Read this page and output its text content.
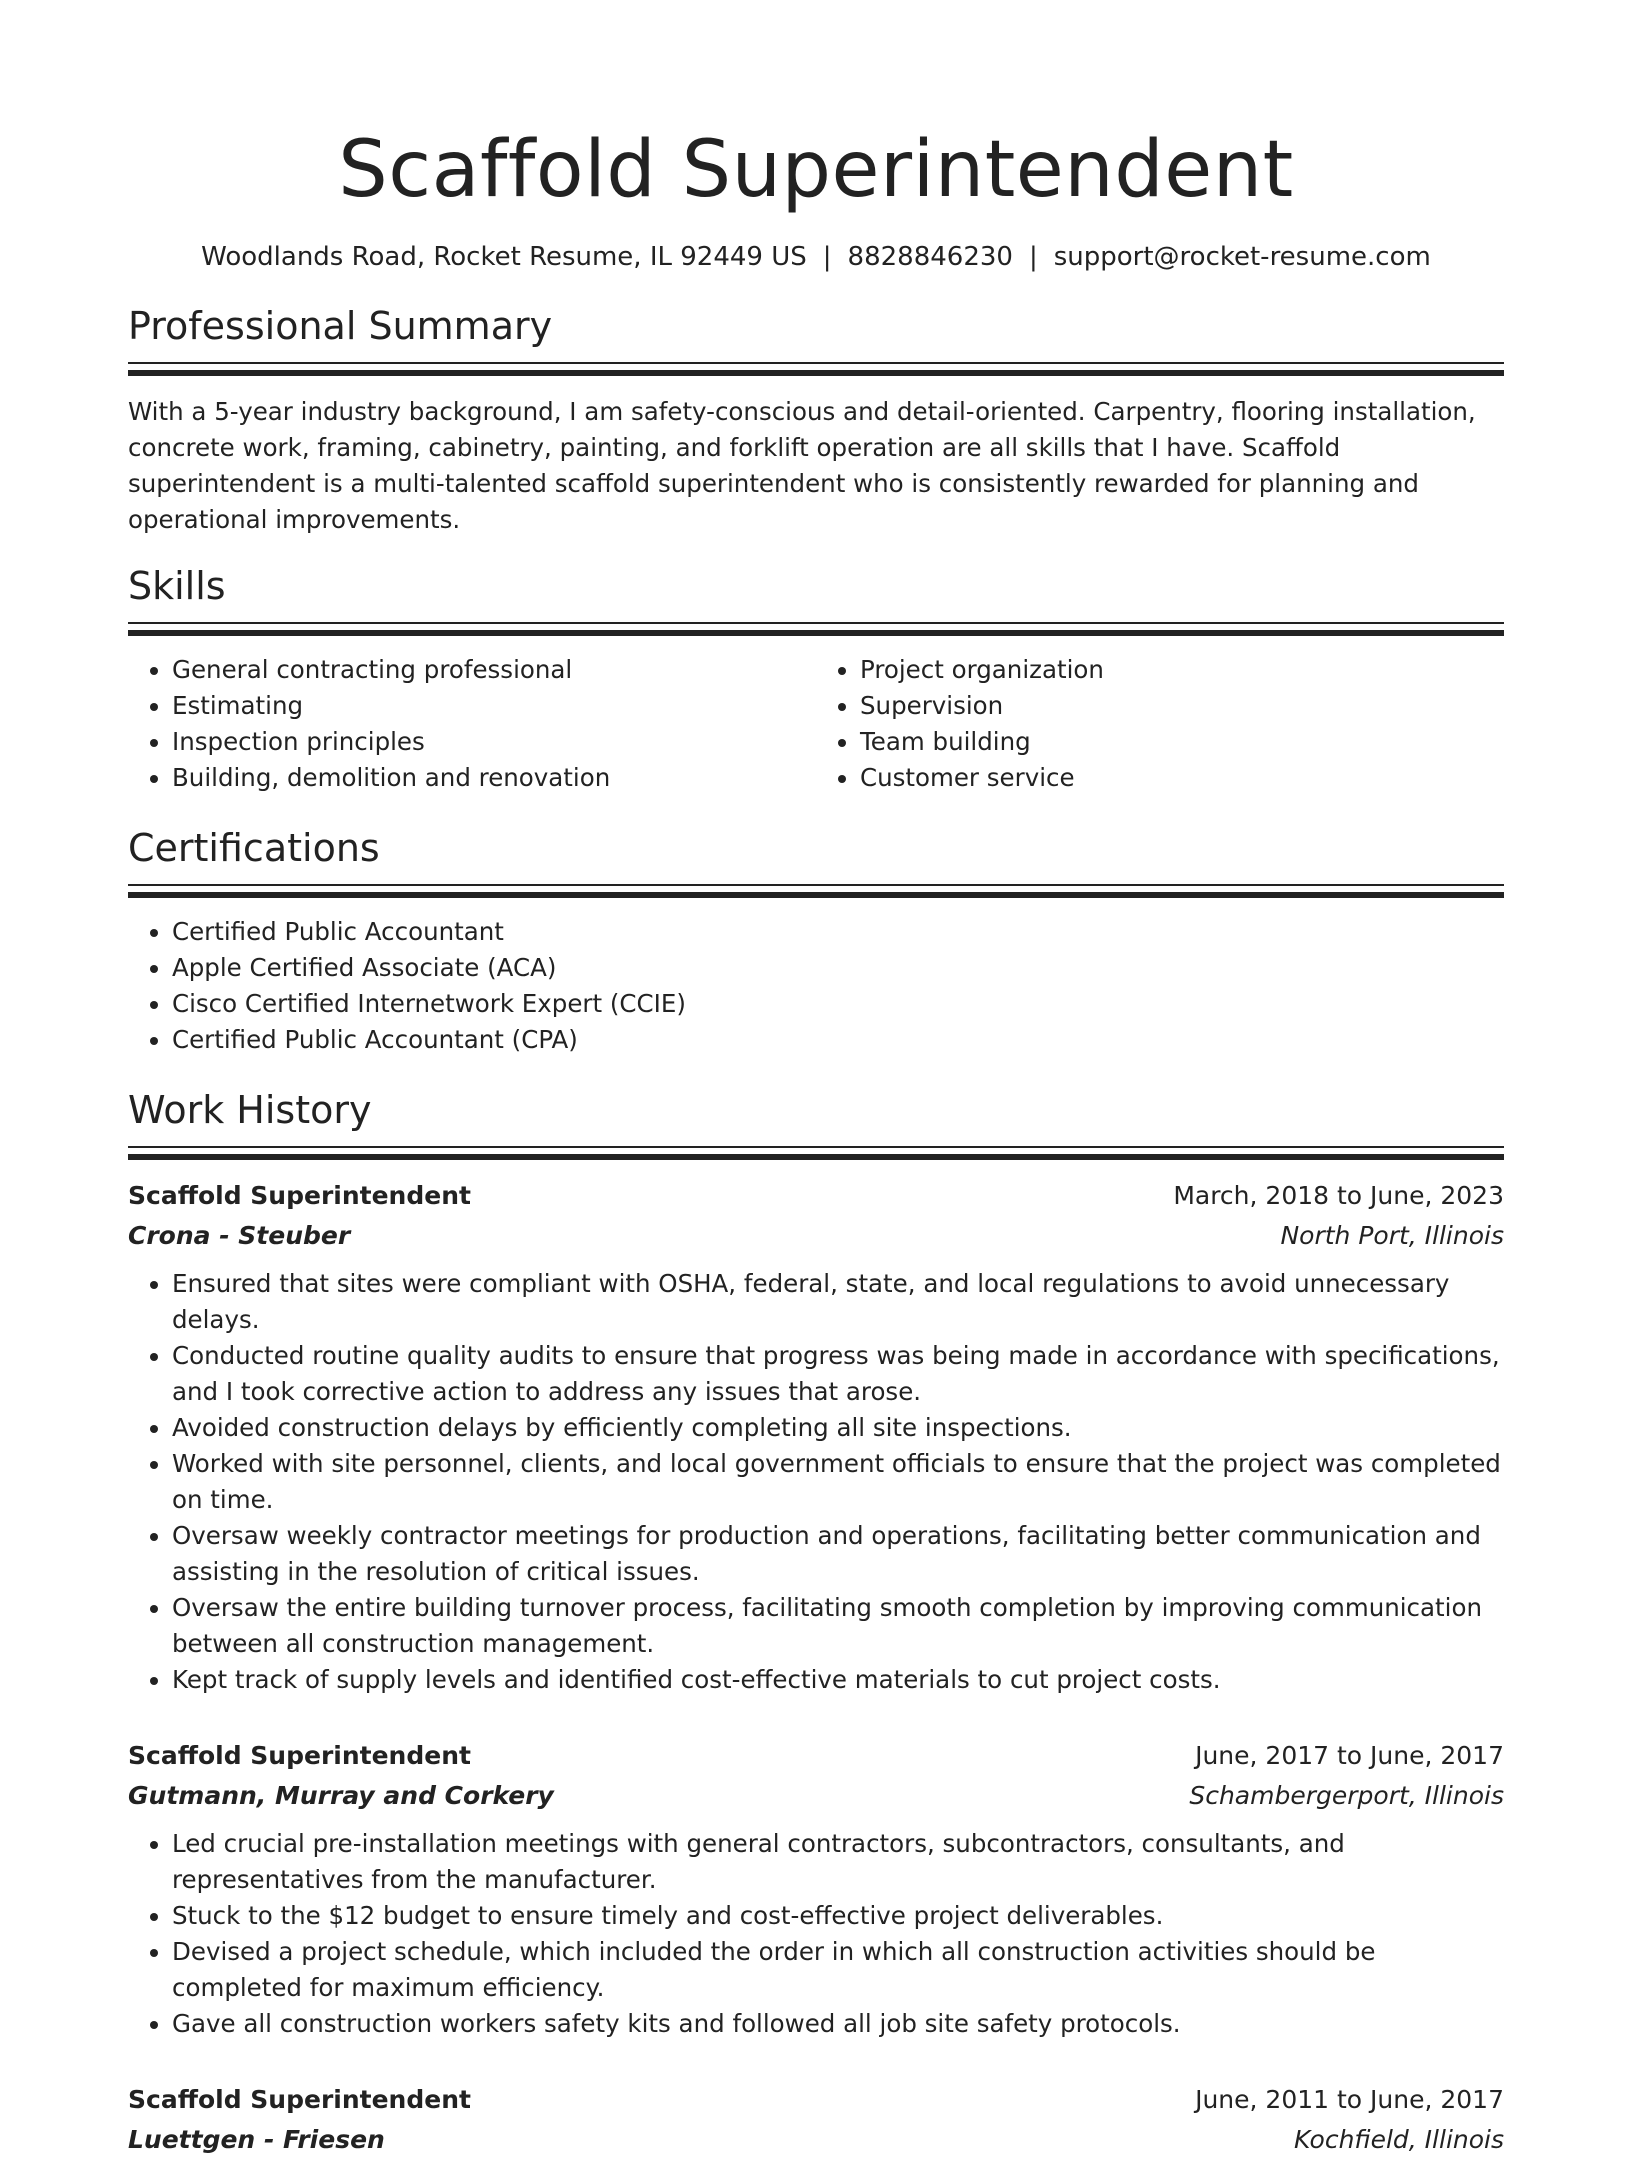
Scaffold Superintendent
Woodlands Road, Rocket Resume, IL 92449 US | 8828846230 | support@rocket-resume.com
Professional Summary
With a 5-year industry background, I am safety-conscious and detail-oriented. Carpentry, flooring installation, concrete work, framing, cabinetry, painting, and forklift operation are all skills that I have. Scaffold superintendent is a multi-talented scaffold superintendent who is consistently rewarded for planning and operational improvements.
Skills
• General contracting professional
• Estimating
• Inspection principles
• Building, demolition and renovation
• Project organization
• Supervision
• Team building
• Customer service
Certifications
• Certified Public Accountant
• Apple Certified Associate (ACA)
• Cisco Certified Internetwork Expert (CCIE)
• Certified Public Accountant (CPA)
Work History
Scaffold Superintendent	March, 2018 to June, 2023
Crona - Steuber	North Port, Illinois
• Ensured that sites were compliant with OSHA, federal, state, and local regulations to avoid unnecessary delays.
• Conducted routine quality audits to ensure that progress was being made in accordance with specifications, and I took corrective action to address any issues that arose.
• Avoided construction delays by efficiently completing all site inspections.
• Worked with site personnel, clients, and local government officials to ensure that the project was completed on time.
• Oversaw weekly contractor meetings for production and operations, facilitating better communication and assisting in the resolution of critical issues.
• Oversaw the entire building turnover process, facilitating smooth completion by improving communication between all construction management.
• Kept track of supply levels and identified cost-effective materials to cut project costs.
Scaffold Superintendent	June, 2017 to June, 2017
Gutmann, Murray and Corkery	Schambergerport, Illinois
• Led crucial pre-installation meetings with general contractors, subcontractors, consultants, and representatives from the manufacturer.
• Stuck to the $12 budget to ensure timely and cost-effective project deliverables.
• Devised a project schedule, which included the order in which all construction activities should be completed for maximum efficiency.
• Gave all construction workers safety kits and followed all job site safety protocols.
Scaffold Superintendent	June, 2011 to June, 2017
Luettgen - Friesen	Kochfield, Illinois
